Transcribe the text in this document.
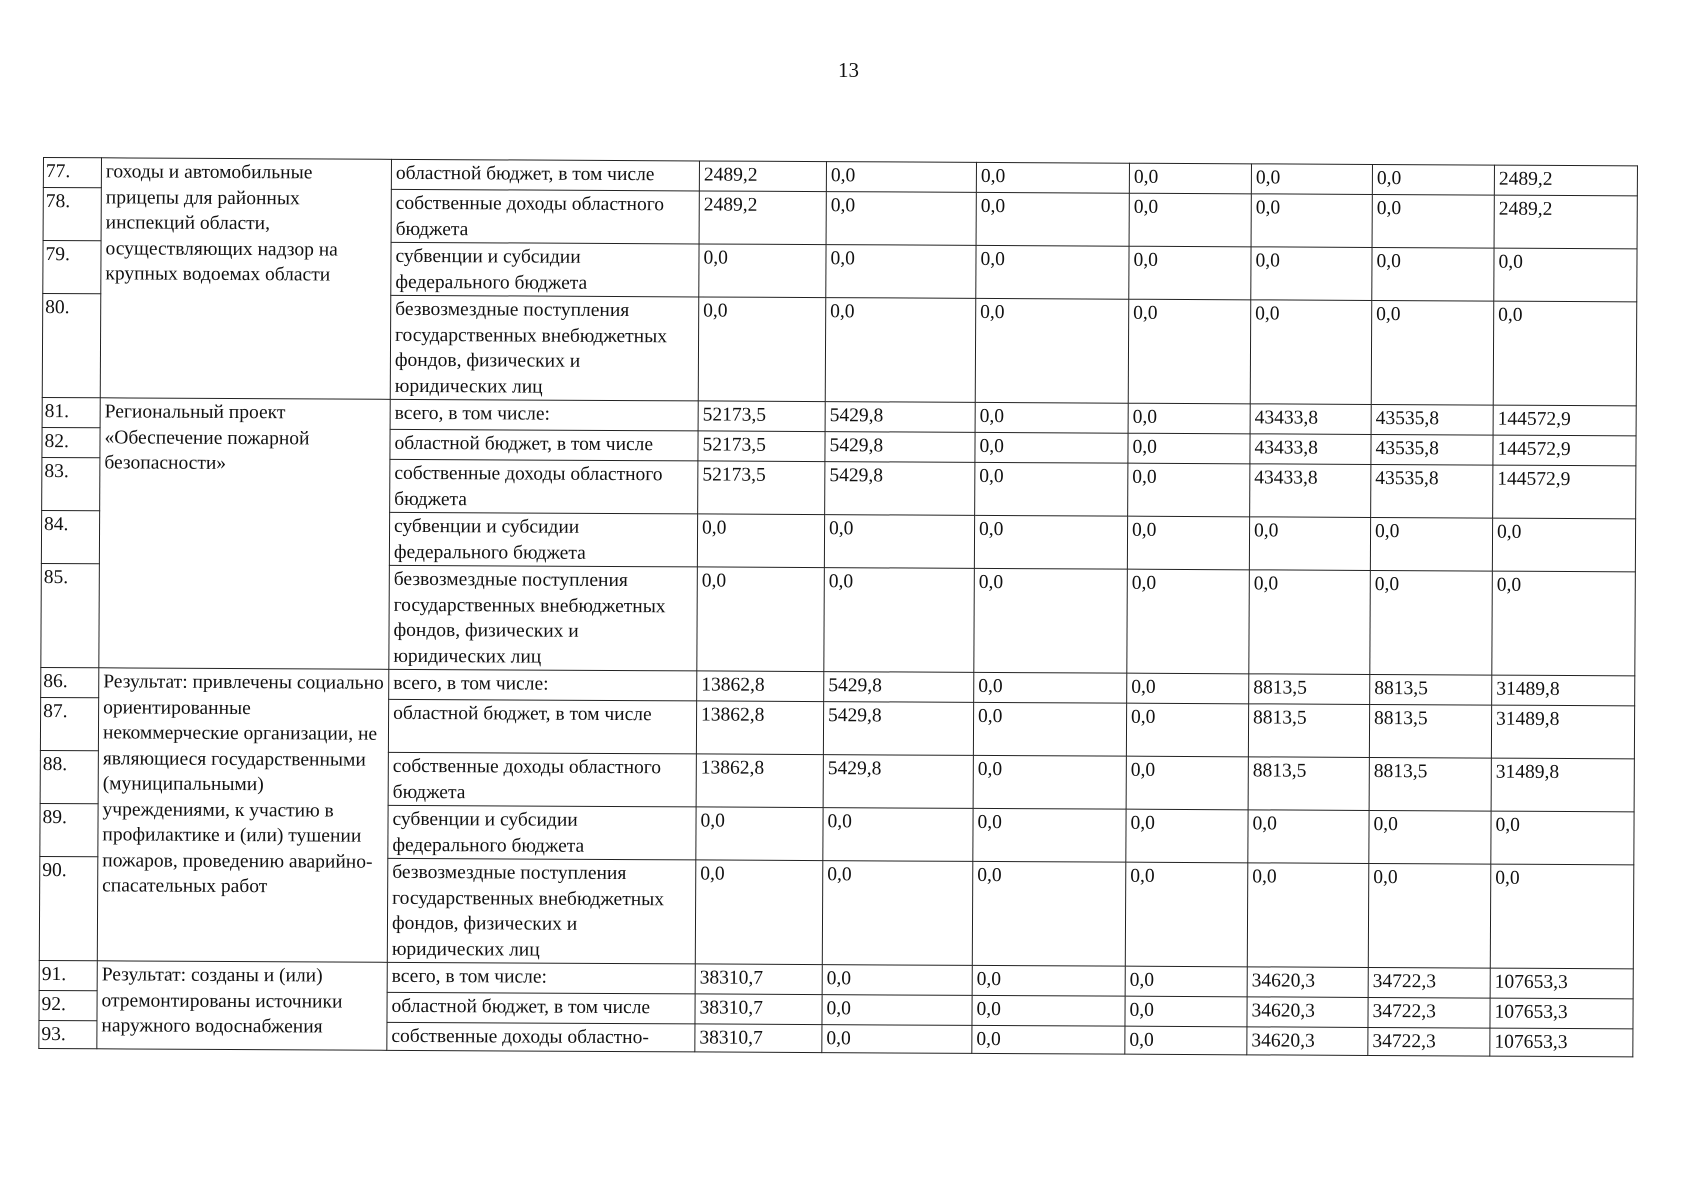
13
77.	гоходы и автомобильные прицепы для районных инспекций области, осуществляющих надзор на крупных водоемах области	областной бюджет, в том числе	2489,2	0,0	0,0	0,0	0,0	0,0	2489,2
78.		собственные доходы областного бюджета	2489,2	0,0	0,0	0,0	0,0	0,0	2489,2
79.		субвенции и субсидии федерального бюджета	0,0	0,0	0,0	0,0	0,0	0,0	0,0
80.		безвозмездные поступления государственных внебюджетных фондов, физических и юридических лиц	0,0	0,0	0,0	0,0	0,0	0,0	0,0
81.	Региональный проект «Обеспечение пожарной безопасности»	всего, в том числе:	52173,5	5429,8	0,0	0,0	43433,8	43535,8	144572,9
82.		областной бюджет, в том числе	52173,5	5429,8	0,0	0,0	43433,8	43535,8	144572,9
83.		собственные доходы областного бюджета	52173,5	5429,8	0,0	0,0	43433,8	43535,8	144572,9
84.		субвенции и субсидии федерального бюджета	0,0	0,0	0,0	0,0	0,0	0,0	0,0
85.		безвозмездные поступления государственных внебюджетных фондов, физических и юридических лиц	0,0	0,0	0,0	0,0	0,0	0,0	0,0
86.	Результат: привлечены социально ориентированные некоммерческие организации, не являющиеся государственными (муниципальными) учреждениями, к участию в профилактике и (или) тушении пожаров, проведению аварийно-спасательных работ	всего, в том числе:	13862,8	5429,8	0,0	0,0	8813,5	8813,5	31489,8
87.		областной бюджет, в том числе	13862,8	5429,8	0,0	0,0	8813,5	8813,5	31489,8
88.		собственные доходы областного бюджета	13862,8	5429,8	0,0	0,0	8813,5	8813,5	31489,8
89.		субвенции и субсидии федерального бюджета	0,0	0,0	0,0	0,0	0,0	0,0	0,0
90.		безвозмездные поступления государственных внебюджетных фондов, физических и юридических лиц	0,0	0,0	0,0	0,0	0,0	0,0	0,0
91.	Результат: созданы и (или) отремонтированы источники наружного водоснабжения	всего, в том числе:	38310,7	0,0	0,0	0,0	34620,3	34722,3	107653,3
92.		областной бюджет, в том числе	38310,7	0,0	0,0	0,0	34620,3	34722,3	107653,3
93.		собственные доходы областно-	38310,7	0,0	0,0	0,0	34620,3	34722,3	107653,3
